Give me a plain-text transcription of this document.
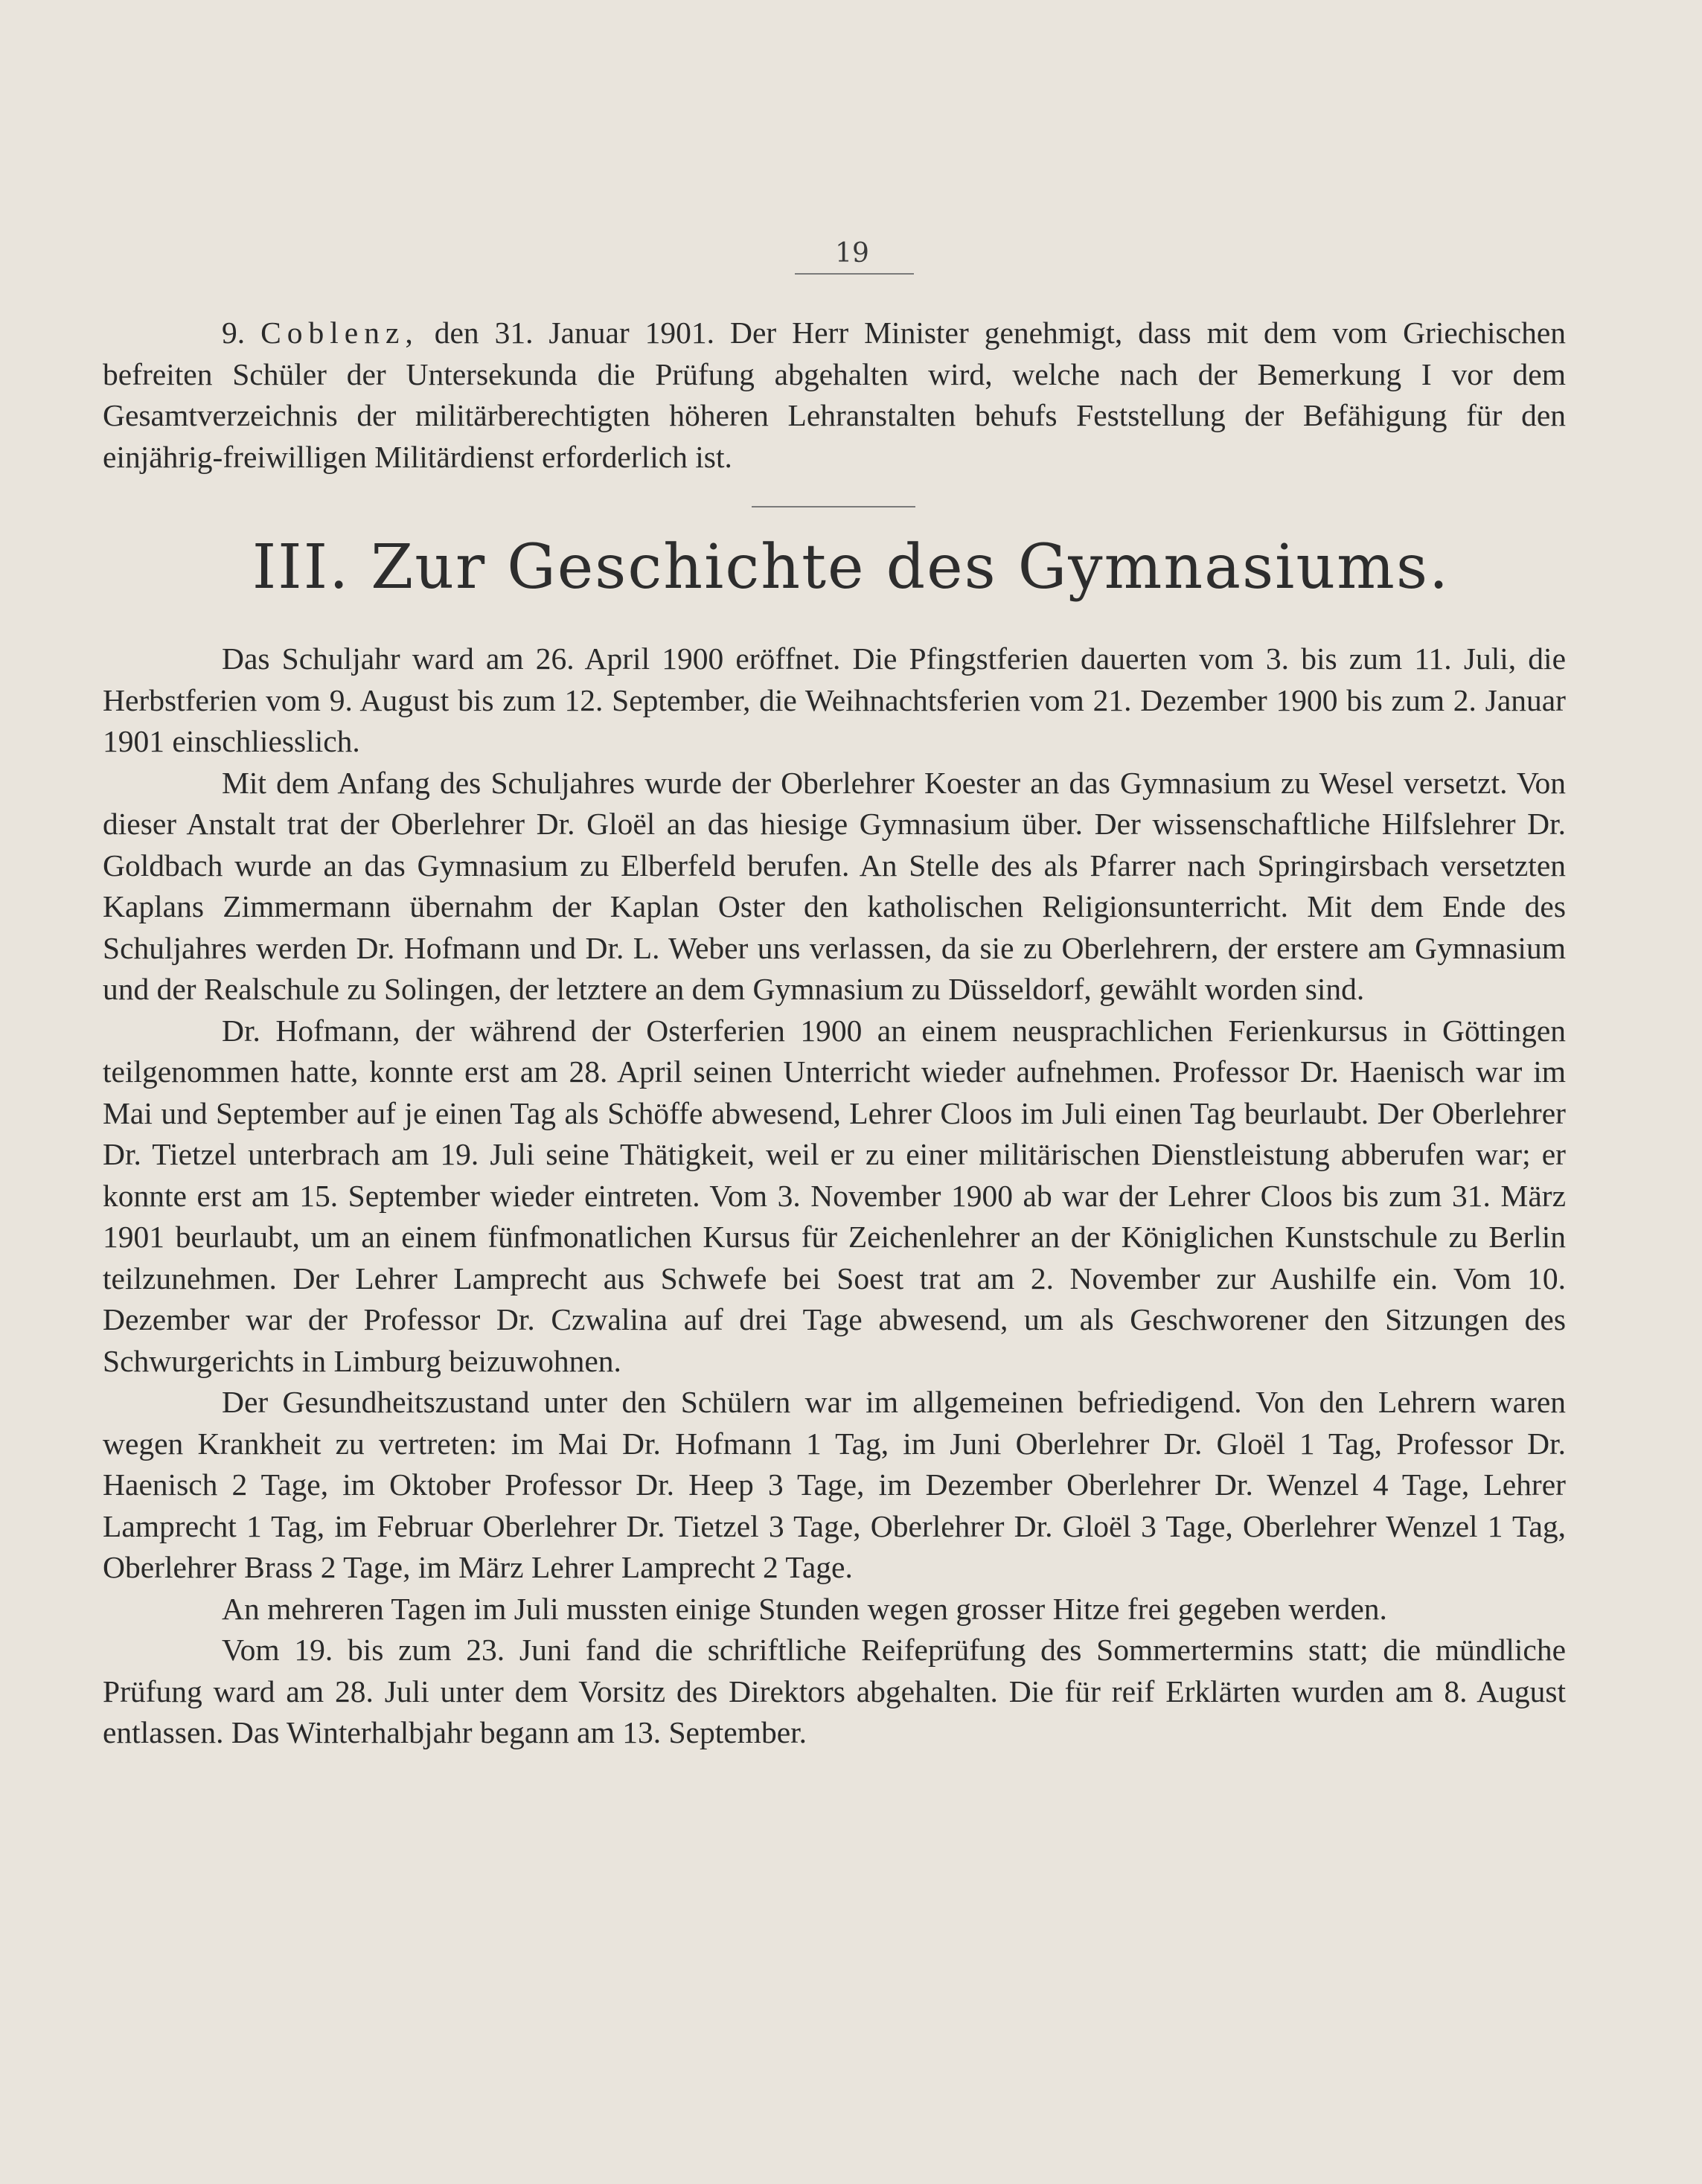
19

9. Coblenz, den 31. Januar 1901. Der Herr Minister genehmigt, dass mit dem vom Griechischen befreiten Schüler der Untersekunda die Prüfung abgehalten wird, welche nach der Bemerkung I vor dem Gesamtverzeichnis der militärberechtigten höheren Lehranstalten behufs Feststellung der Befähigung für den einjährig-freiwilligen Militärdienst erforderlich ist.

III. Zur Geschichte des Gymnasiums.

Das Schuljahr ward am 26. April 1900 eröffnet. Die Pfingstferien dauerten vom 3. bis zum 11. Juli, die Herbstferien vom 9. August bis zum 12. September, die Weihnachtsferien vom 21. Dezember 1900 bis zum 2. Januar 1901 einschliesslich.

Mit dem Anfang des Schuljahres wurde der Oberlehrer Koester an das Gymnasium zu Wesel versetzt. Von dieser Anstalt trat der Oberlehrer Dr. Gloël an das hiesige Gymnasium über. Der wissenschaftliche Hilfslehrer Dr. Goldbach wurde an das Gymnasium zu Elberfeld berufen. An Stelle des als Pfarrer nach Springirsbach versetzten Kaplans Zimmermann übernahm der Kaplan Oster den katholischen Religionsunterricht. Mit dem Ende des Schuljahres werden Dr. Hofmann und Dr. L. Weber uns verlassen, da sie zu Oberlehrern, der erstere am Gymnasium und der Realschule zu Solingen, der letztere an dem Gymnasium zu Düsseldorf, gewählt worden sind.

Dr. Hofmann, der während der Osterferien 1900 an einem neusprachlichen Ferienkursus in Göttingen teilgenommen hatte, konnte erst am 28. April seinen Unterricht wieder aufnehmen. Professor Dr. Haenisch war im Mai und September auf je einen Tag als Schöffe abwesend, Lehrer Cloos im Juli einen Tag beurlaubt. Der Oberlehrer Dr. Tietzel unterbrach am 19. Juli seine Thätigkeit, weil er zu einer militärischen Dienstleistung abberufen war; er konnte erst am 15. September wieder eintreten. Vom 3. November 1900 ab war der Lehrer Cloos bis zum 31. März 1901 beurlaubt, um an einem fünfmonatlichen Kursus für Zeichenlehrer an der Königlichen Kunstschule zu Berlin teilzunehmen. Der Lehrer Lamprecht aus Schwefe bei Soest trat am 2. November zur Aushilfe ein. Vom 10. Dezember war der Professor Dr. Czwalina auf drei Tage abwesend, um als Geschworener den Sitzungen des Schwurgerichts in Limburg beizuwohnen.

Der Gesundheitszustand unter den Schülern war im allgemeinen befriedigend. Von den Lehrern waren wegen Krankheit zu vertreten: im Mai Dr. Hofmann 1 Tag, im Juni Oberlehrer Dr. Gloël 1 Tag, Professor Dr. Haenisch 2 Tage, im Oktober Professor Dr. Heep 3 Tage, im Dezember Oberlehrer Dr. Wenzel 4 Tage, Lehrer Lamprecht 1 Tag, im Februar Oberlehrer Dr. Tietzel 3 Tage, Oberlehrer Dr. Gloël 3 Tage, Oberlehrer Wenzel 1 Tag, Oberlehrer Brass 2 Tage, im März Lehrer Lamprecht 2 Tage.

An mehreren Tagen im Juli mussten einige Stunden wegen grosser Hitze frei gegeben werden.

Vom 19. bis zum 23. Juni fand die schriftliche Reifeprüfung des Sommertermins statt; die mündliche Prüfung ward am 28. Juli unter dem Vorsitz des Direktors abgehalten. Die für reif Erklärten wurden am 8. August entlassen. Das Winterhalbjahr begann am 13. September.
